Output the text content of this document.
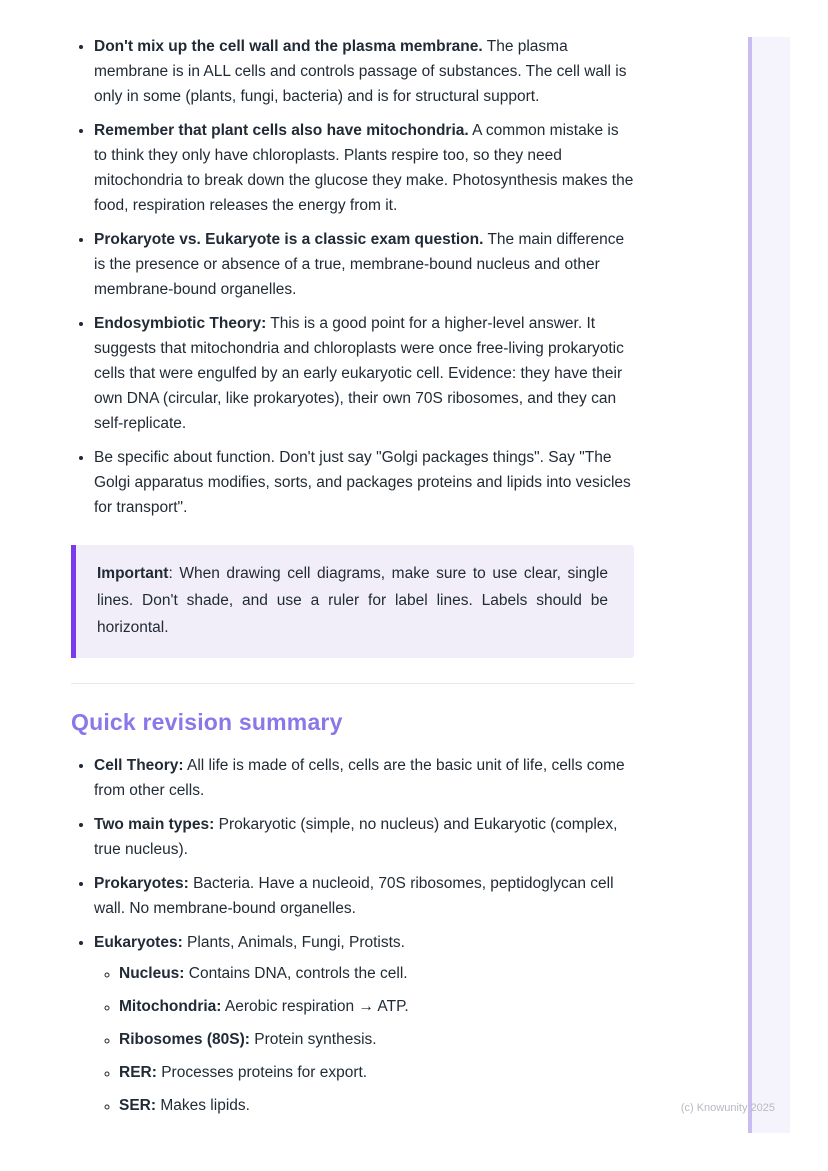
• Don't mix up the cell wall and the plasma membrane. The plasma membrane is in ALL cells and controls passage of substances. The cell wall is only in some (plants, fungi, bacteria) and is for structural support.
• Remember that plant cells also have mitochondria. A common mistake is to think they only have chloroplasts. Plants respire too, so they need mitochondria to break down the glucose they make. Photosynthesis makes the food, respiration releases the energy from it.
• Prokaryote vs. Eukaryote is a classic exam question. The main difference is the presence or absence of a true, membrane-bound nucleus and other membrane-bound organelles.
• Endosymbiotic Theory: This is a good point for a higher-level answer. It suggests that mitochondria and chloroplasts were once free-living prokaryotic cells that were engulfed by an early eukaryotic cell. Evidence: they have their own DNA (circular, like prokaryotes), their own 70S ribosomes, and they can self-replicate.
• Be specific about function. Don't just say "Golgi packages things". Say "The Golgi apparatus modifies, sorts, and packages proteins and lipids into vesicles for transport".
Important: When drawing cell diagrams, make sure to use clear, single lines. Don't shade, and use a ruler for label lines. Labels should be horizontal.
Quick revision summary
• Cell Theory: All life is made of cells, cells are the basic unit of life, cells come from other cells.
• Two main types: Prokaryotic (simple, no nucleus) and Eukaryotic (complex, true nucleus).
• Prokaryotes: Bacteria. Have a nucleoid, 70S ribosomes, peptidoglycan cell wall. No membrane-bound organelles.
• Eukaryotes: Plants, Animals, Fungi, Protists.
◦ Nucleus: Contains DNA, controls the cell.
◦ Mitochondria: Aerobic respiration → ATP.
◦ Ribosomes (80S): Protein synthesis.
◦ RER: Processes proteins for export.
◦ SER: Makes lipids.	(c) Knowunity 2025
